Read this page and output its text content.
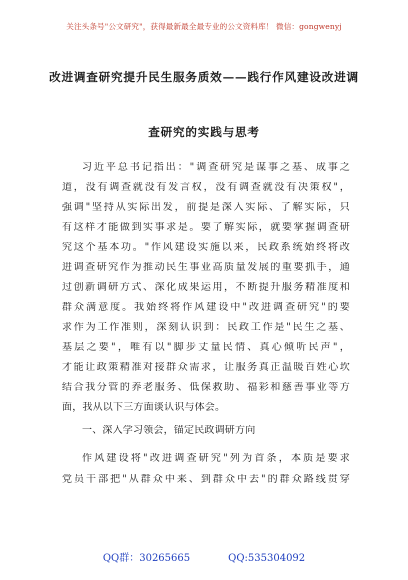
关注头条号"公文研究"，获得最新最全最专业的公文资料库！ 微信：gongwenyj
改进调查研究提升民生服务质效——践行作风建设改进调
查研究的实践与思考
习近平总书记指出："调查研究是谋事之基、成事之
道，没有调查就没有发言权，没有调查就没有决策权"，
强调"坚持从实际出发，前提是深入实际、了解实际，只
有这样才能做到实事求是。要了解实际，就要掌握调查研
究这个基本功。"作风建设实施以来，民政系统始终将改
进调查研究作为推动民生事业高质量发展的重要抓手，通
过创新调研方式、深化成果运用，不断提升服务精准度和
群众满意度。我始终将作风建设中"改进调查研究"的要
求作为工作准则，深刻认识到：民政工作是"民生之基、
基层之要"，唯有以"脚步丈量民情、真心倾听民声"，
才能让政策精准对接群众需求，让服务真正温暖百姓心坎
结合我分管的养老服务、低保救助、福彩和慈善事业等方
面，我从以下三方面谈认识与体会。
一、深入学习领会，锚定民政调研方向
作风建设将"改进调查研究"列为首条，本质是要求
党员干部把"从群众中来、到群众中去"的群众路线贯穿
QQ群：30265665	QQ:535304092
